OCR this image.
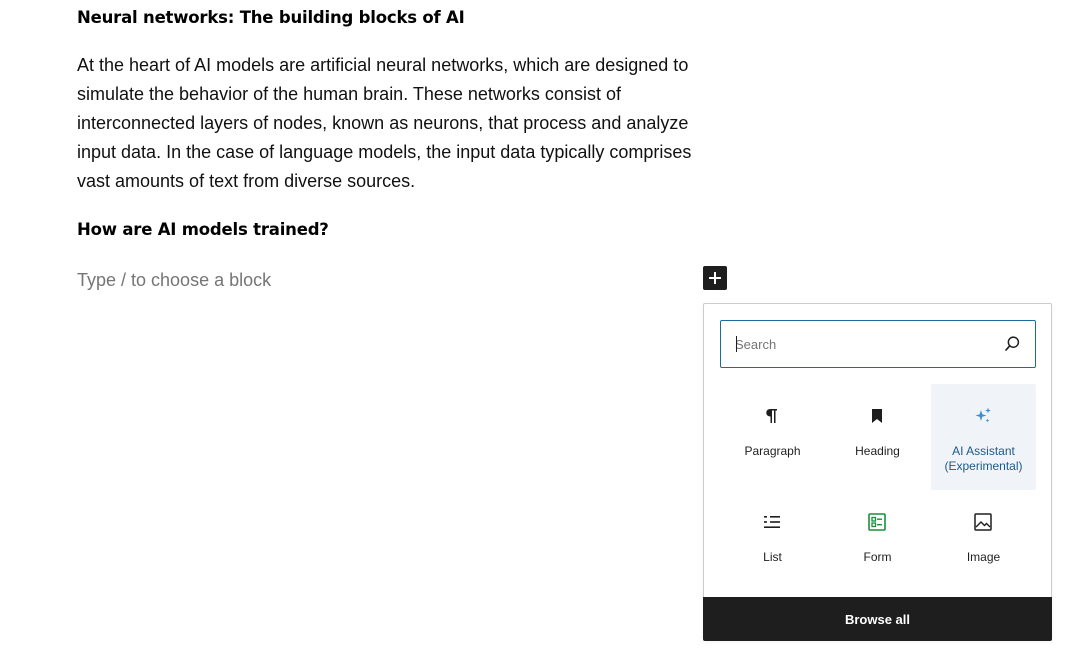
Neural networks: The building blocks of AI

At the heart of AI models are artificial neural networks, which are designed to simulate the behavior of the human brain. These networks consist of interconnected layers of nodes, known as neurons, that process and analyze input data. In the case of language models, the input data typically comprises vast amounts of text from diverse sources.

How are AI models trained?
Type / to choose a block
Search
Paragraph	Heading	AI Assistant (Experimental)
List	Form	Image
Browse all
